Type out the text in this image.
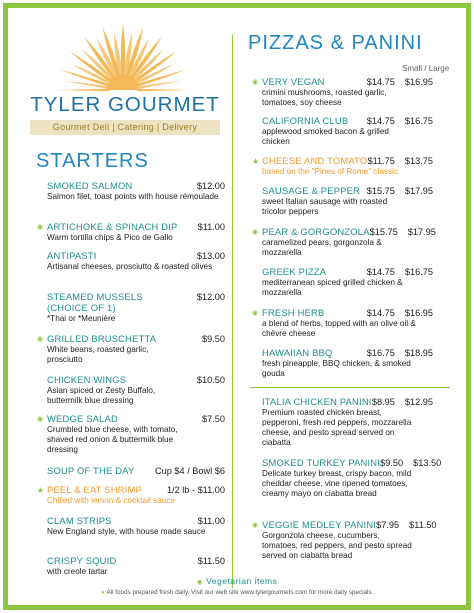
TYLER GOURMET
Gourmet Deli | Catering | Delivery
STARTERS
PIZZAS & PANINI
Small / Large
SMOKED SALMON	$12.00
Salmon filet, toast points with house rémoulade
◉ ARTICHOKE & SPINACH DIP $11.00
Warm tortilla chips & Pico de Gallo
ANTIPASTI	$13.00
Artisanal cheeses, prosciutto & roasted olives
STEAMED MUSSELS	$12.00
(CHOICE OF 1)
*Thai or *Meunière
◉ GRILLED BRUSCHETTA	$9.50
White beans, roasted garlic, prosciutto
CHICKEN WINGS	$10.50
Asian spiced or Zesty Buffalo, buttermilk blue dressing
◉ WEDGE SALAD	$7.50
Crumbled blue cheese, with tomato, shaved red onion & buttermilk blue dressing
SOUP OF THE DAY Cup $4 / Bowl $6
★ PEEL & EAT SHRIMP	1/2 lb - $11.00
Chilled with lemon & cocktail sauce
CLAM STRIPS	$11.00
New England style, with house made sauce
CRISPY SQUID	$11.50
with creole tartar
◉ VERY VEGAN	$14.75 $16.95
crimini mushrooms, roasted garlic, tomatoes, soy cheese
CALIFORNIA CLUB $14.75 $16.75
applewood smoked bacon & grilled chicken
★ CHEESE AND TOMATO $11.75 $13.75
based on the "Pines of Rome" classic
SAUSAGE & PEPPER $15.75 $17.95
sweet Italian sausage with roasted tricolor peppers
◉ PEAR & GORGONZOLA $15.75 $17.95
caramelized pears, gorgonzola & mozzarella
GREEK PIZZA	$14.75 $16.75
mediterranean spiced grilled chicken & mozzarella
◉ FRESH HERB	$14.75 $16.95
a blend of herbs, topped with an olive oil & chèvre cheese
HAWAIIAN BBQ	$16.75 $18.95
fresh pineapple, BBQ chicken, & smoked gouda
ITALIA CHICKEN PANINI $8.95 $12.95
Premium roasted chicken breast, pepperoni, fresh red peppers, mozzarella cheese, and pesto spread served on ciabatta
SMOKED TURKEY PANINI $9.50 $13.50
Delicate turkey breast, crispy bacon, mild cheddar cheese, vine ripened tomatoes, creamy mayo on ciabatta bread
◉ VEGGIE MEDLEY PANINI $7.95 $11.50
Gorgonzola cheese, cucumbers, tomatoes, red peppers, and pesto spread served on ciabatta bread
◉ Vegetarian items
★ All foods prepared fresh daily. Visit our web site www.tylergourmets.com for more daily specials.
